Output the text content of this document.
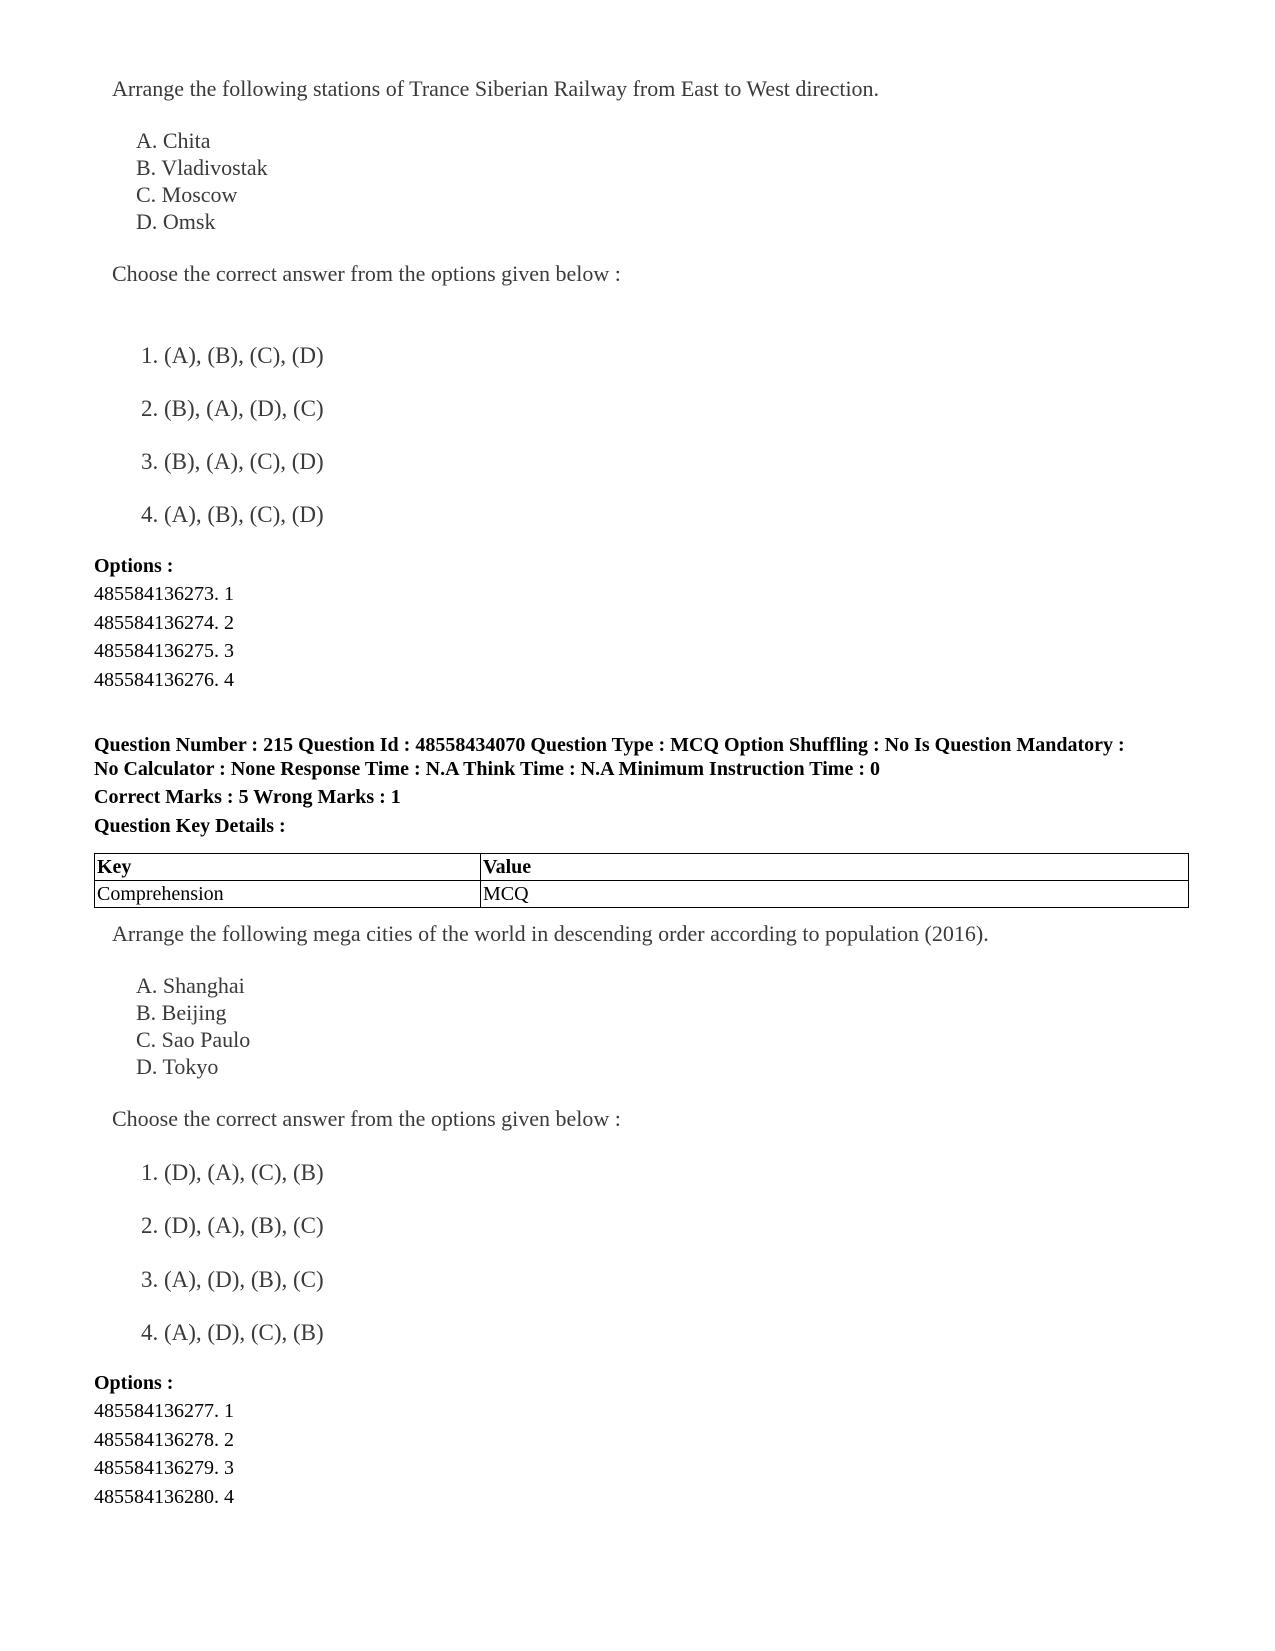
Arrange the following stations of Trance Siberian Railway from East to West direction.
A. Chita
B. Vladivostak
C. Moscow
D. Omsk
Choose the correct answer from the options given below :
1. (A), (B), (C), (D)
2. (B), (A), (D), (C)
3. (B), (A), (C), (D)
4. (A), (B), (C), (D)
Options :
485584136273. 1
485584136274. 2
485584136275. 3
485584136276. 4
Question Number : 215 Question Id : 48558434070 Question Type : MCQ Option Shuffling : No Is Question Mandatory :
No Calculator : None Response Time : N.A Think Time : N.A Minimum Instruction Time : 0
Correct Marks : 5 Wrong Marks : 1
Question Key Details :
Key	Value
Comprehension	MCQ
Arrange the following mega cities of the world in descending order according to population (2016).
A. Shanghai
B. Beijing
C. Sao Paulo
D. Tokyo
Choose the correct answer from the options given below :
1. (D), (A), (C), (B)
2. (D), (A), (B), (C)
3. (A), (D), (B), (C)
4. (A), (D), (C), (B)
Options :
485584136277. 1
485584136278. 2
485584136279. 3
485584136280. 4
